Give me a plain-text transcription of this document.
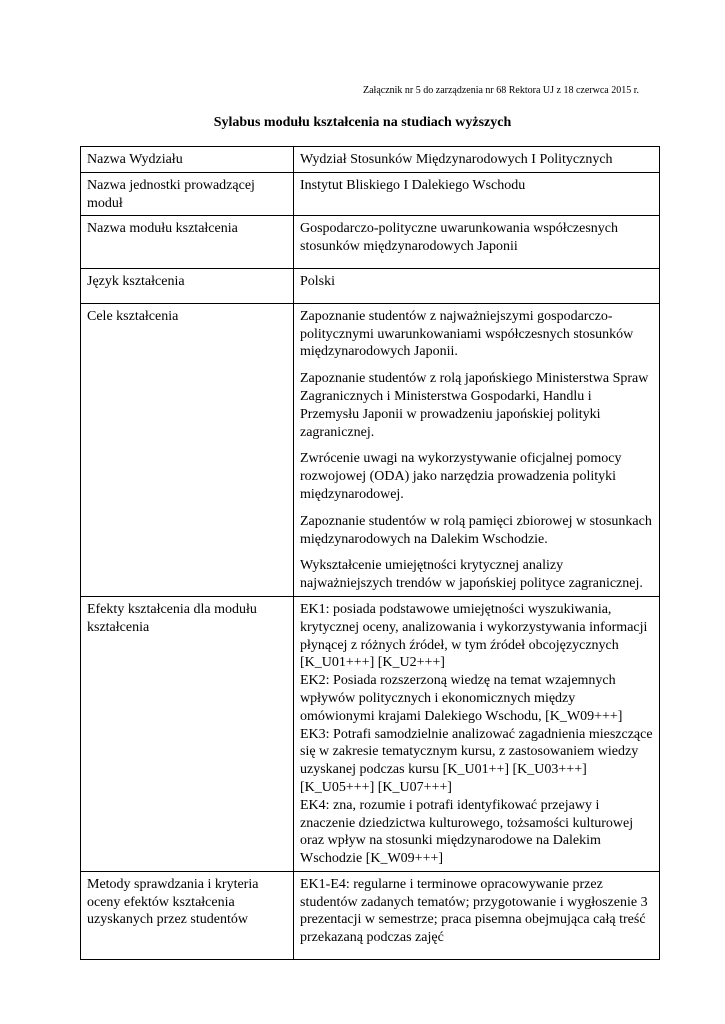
Załącznik nr 5 do zarządzenia nr 68 Rektora UJ z 18 czerwca 2015 r.
Sylabus modułu kształcenia na studiach wyższych
Nazwa Wydziału	Wydział Stosunków Międzynarodowych I Politycznych
Nazwa jednostki prowadzącej moduł	Instytut Bliskiego I Dalekiego Wschodu
Nazwa modułu kształcenia	Gospodarczo-polityczne uwarunkowania współczesnych stosunków międzynarodowych Japonii
Język kształcenia	Polski
Cele kształcenia	Zapoznanie studentów z najważniejszymi gospodarczo-politycznymi uwarunkowaniami współczesnych stosunków międzynarodowych Japonii.

Zapoznanie studentów z rolą japońskiego Ministerstwa Spraw Zagranicznych i Ministerstwa Gospodarki, Handlu i Przemysłu Japonii w prowadzeniu japońskiej polityki zagranicznej.

Zwrócenie uwagi na wykorzystywanie oficjalnej pomocy rozwojowej (ODA) jako narzędzia prowadzenia polityki międzynarodowej.

Zapoznanie studentów w rolą pamięci zbiorowej w stosunkach międzynarodowych na Dalekim Wschodzie.

Wykształcenie umiejętności krytycznej analizy najważniejszych trendów w japońskiej polityce zagranicznej.

Efekty kształcenia dla modułu kształcenia	EK1: posiada podstawowe umiejętności wyszukiwania, krytycznej oceny, analizowania i wykorzystywania informacji płynącej z różnych źródeł, w tym źródeł obcojęzycznych [K_U01+++] [K_U2+++]

EK2: Posiada rozszerzoną wiedzę na temat wzajemnych wpływów politycznych i ekonomicznych między omówionymi krajami Dalekiego Wschodu, [K_W09+++]

EK3: Potrafi samodzielnie analizować zagadnienia mieszczące się w zakresie tematycznym kursu, z zastosowaniem wiedzy uzyskanej podczas kursu [K_U01++] [K_U03+++] [K_U05+++] [K_U07+++]

EK4: zna, rozumie i potrafi identyfikować przejawy i znaczenie dziedzictwa kulturowego, tożsamości kulturowej oraz wpływ na stosunki międzynarodowe na Dalekim Wschodzie [K_W09+++]

Metody sprawdzania i kryteria oceny efektów kształcenia uzyskanych przez studentów	EK1-E4: regularne i terminowe opracowywanie przez studentów zadanych tematów; przygotowanie i wygłoszenie 3 prezentacji w semestrze; praca pisemna obejmująca całą treść przekazaną podczas zajęć
